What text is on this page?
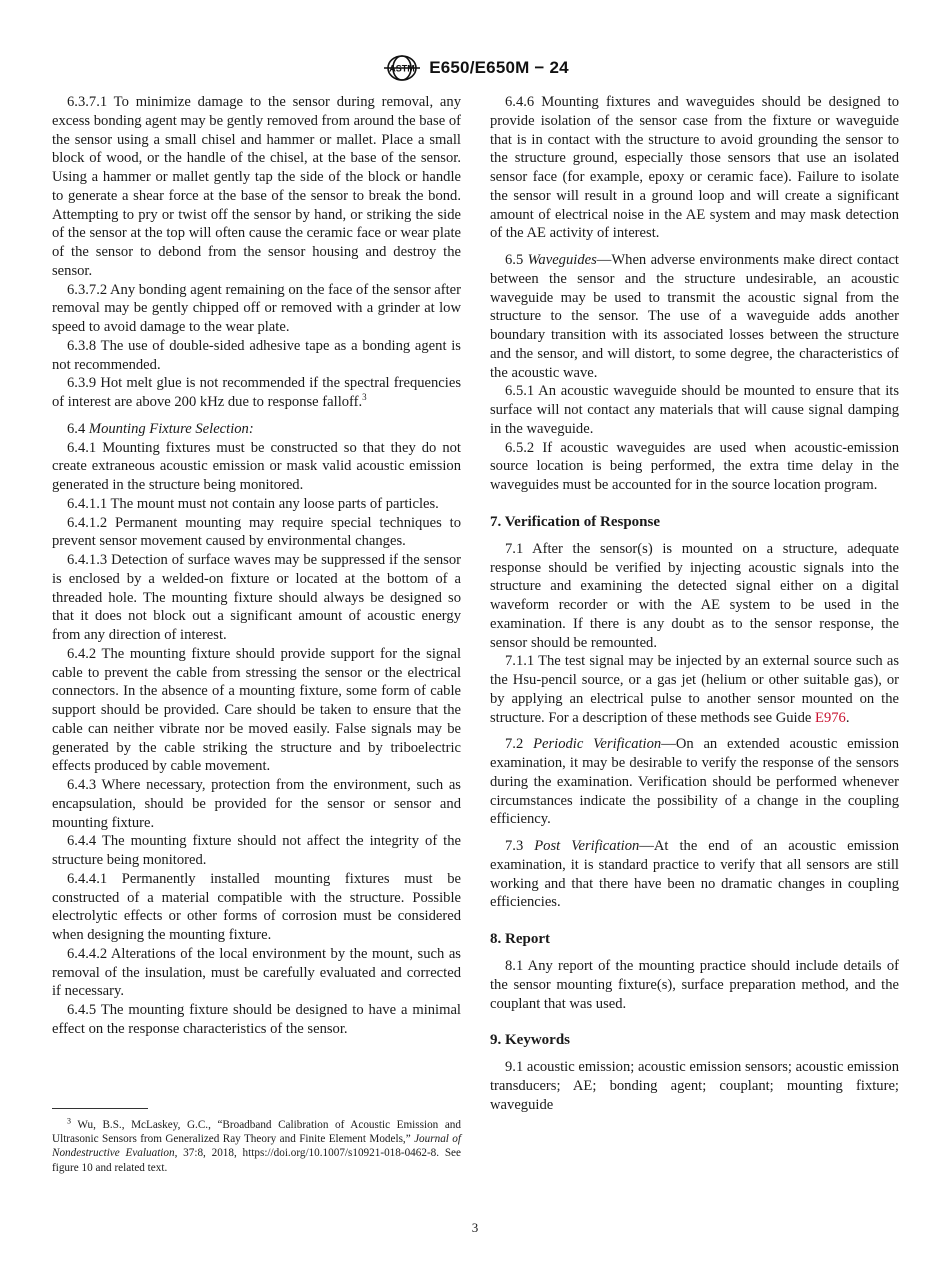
ASTM E650/E650M − 24

6.3.7.1 To minimize damage to the sensor during removal, any excess bonding agent may be gently removed from around the base of the sensor using a small chisel and hammer or mallet. Place a small block of wood, or the handle of the chisel, at the base of the sensor. Using a hammer or mallet gently tap the side of the block or handle to generate a shear force at the base of the sensor to break the bond. Attempting to pry or twist off the sensor by hand, or striking the side of the sensor at the top will often cause the ceramic face or wear plate of the sensor to debond from the sensor housing and destroy the sensor.

6.3.7.2 Any bonding agent remaining on the face of the sensor after removal may be gently chipped off or removed with a grinder at low speed to avoid damage to the wear plate.

6.3.8 The use of double-sided adhesive tape as a bonding agent is not recommended.

6.3.9 Hot melt glue is not recommended if the spectral frequencies of interest are above 200 kHz due to response falloff.$^3$

6.4 Mounting Fixture Selection:

6.4.1 Mounting fixtures must be constructed so that they do not create extraneous acoustic emission or mask valid acoustic emission generated in the structure being monitored.

6.4.1.1 The mount must not contain any loose parts of particles.

6.4.1.2 Permanent mounting may require special techniques to prevent sensor movement caused by environmental changes.

6.4.1.3 Detection of surface waves may be suppressed if the sensor is enclosed by a welded-on fixture or located at the bottom of a threaded hole. The mounting fixture should always be designed so that it does not block out a significant amount of acoustic energy from any direction of interest.

6.4.2 The mounting fixture should provide support for the signal cable to prevent the cable from stressing the sensor or the electrical connectors. In the absence of a mounting fixture, some form of cable support should be provided. Care should be taken to ensure that the cable can neither vibrate nor be moved easily. False signals may be generated by the cable striking the structure and by triboelectric effects produced by cable movement.

6.4.3 Where necessary, protection from the environment, such as encapsulation, should be provided for the sensor or sensor and mounting fixture.

6.4.4 The mounting fixture should not affect the integrity of the structure being monitored.

6.4.4.1 Permanently installed mounting fixtures must be constructed of a material compatible with the structure. Possible electrolytic effects or other forms of corrosion must be considered when designing the mounting fixture.

6.4.4.2 Alterations of the local environment by the mount, such as removal of the insulation, must be carefully evaluated and corrected if necessary.

6.4.5 The mounting fixture should be designed to have a minimal effect on the response characteristics of the sensor.

$^3$ Wu, B.S., McLaskey, G.C., “Broadband Calibration of Acoustic Emission and Ultrasonic Sensors from Generalized Ray Theory and Finite Element Models,” Journal of Nondestructive Evaluation, 37:8, 2018, https://doi.org/10.1007/s10921-018-0462-8. See figure 10 and related text.

6.4.6 Mounting fixtures and waveguides should be designed to provide isolation of the sensor case from the fixture or waveguide that is in contact with the structure to avoid grounding the sensor to the structure ground, especially those sensors that use an isolated sensor face (for example, epoxy or ceramic face). Failure to isolate the sensor will result in a ground loop and will create a significant amount of electrical noise in the AE system and may mask detection of the AE activity of interest.

6.5 Waveguides—When adverse environments make direct contact between the sensor and the structure undesirable, an acoustic waveguide may be used to transmit the acoustic signal from the structure to the sensor. The use of a waveguide adds another boundary transition with its associated losses between the structure and the sensor, and will distort, to some degree, the characteristics of the acoustic wave.

6.5.1 An acoustic waveguide should be mounted to ensure that its surface will not contact any materials that will cause signal damping in the waveguide.

6.5.2 If acoustic waveguides are used when acoustic-emission source location is being performed, the extra time delay in the waveguides must be accounted for in the source location program.

7. Verification of Response

7.1 After the sensor(s) is mounted on a structure, adequate response should be verified by injecting acoustic signals into the structure and examining the detected signal either on a digital waveform recorder or with the AE system to be used in the examination. If there is any doubt as to the sensor response, the sensor should be remounted.

7.1.1 The test signal may be injected by an external source such as the Hsu-pencil source, or a gas jet (helium or other suitable gas), or by applying an electrical pulse to another sensor mounted on the structure. For a description of these methods see Guide E976.

7.2 Periodic Verification—On an extended acoustic emission examination, it may be desirable to verify the response of the sensors during the examination. Verification should be performed whenever circumstances indicate the possibility of a change in the coupling efficiency.

7.3 Post Verification—At the end of an acoustic emission examination, it is standard practice to verify that all sensors are still working and that there have been no dramatic changes in coupling efficiencies.

8. Report

8.1 Any report of the mounting practice should include details of the sensor mounting fixture(s), surface preparation method, and the couplant that was used.

9. Keywords

9.1 acoustic emission; acoustic emission sensors; acoustic emission transducers; AE; bonding agent; couplant; mounting fixture; waveguide

3
